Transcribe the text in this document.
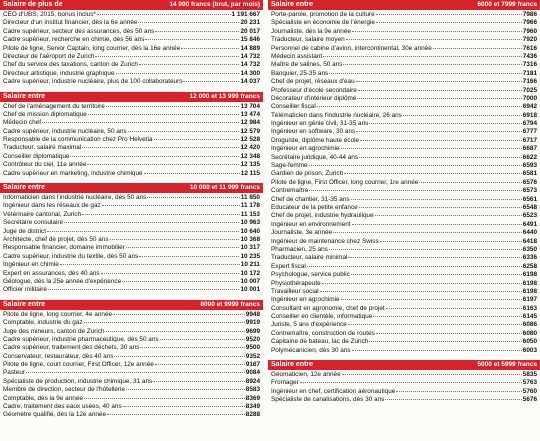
Salaire de plus de	14 000 francs (brut, par mois)
CEO d'UBS, 2015, bonus inclus*	1 191 667
Directeur d'un institut financier, dès la 6e année	20 231
Cadre supérieur, secteur des assurances, dès 50 ans	20 017
Cadre supérieur, recherche en chimie, dès 56 ans	15 846
Pilote de ligne, Senior Captain, long courrier, dès la 16e année	14 889
Directeur de l'aéroport de Zurich	14 732
Chef du service des taxations, canton de Zurich	14 732
Directeur artistique, industrie graphique	14 300
Cadre supérieur, industrie nucléaire, plus de 100 collaborateurs	14 037
Salaire entre	12 000 et 13 999 francs
Chef de l'aménagement du territoire	13 704
Chef de mission diplomatique	13 474
Médecin chef	12 984
Cadre supérieur, industrie nucléaire, 50 ans	12 579
Responsable de la communication chez Pro Helvetia	12 528
Traducteur, salaire maximal	12 420
Conseiller diplomatique	12 348
Contrôleur du ciel, 11e année	12 135
Cadre supérieur en marketing, industrie chimique	12 115
Salaire entre	10 000 et 11 999 francs
Informaticien dans l'industrie nucléaire, dès 50 ans	11 850
Ingénieur dans les réseaux de gaz	11 178
Vétérinaire cantonal, Zurich	11 153
Secrétaire consulaire	10 963
Juge de district	10 640
Architecte, chef de projet, dès 50 ans	10 368
Responsable financier, domaine immobilier	10 317
Cadre supérieur, industrie du textile, dès 50 ans	10 235
Ingénieur en chimie	10 211
Expert en assurances, dès 40 ans	10 172
Géologue, dès la 25e année d'expérience	10 007
Officier militaire	10 001
Salaire entre	8000 et 9999 francs
Pilote de ligne, long courrier, 4e année	9948
Comptable, industrie du gaz	9919
Juge des mineurs, canton de Zurich	9699
Cadre supérieur, industrie pharmaceutique, dès 50 ans	9520
Cadre supérieur, traitement des déchets, 30 ans	9500
Conservateur, restaurateur, dès 40 ans	9352
Pilote de ligne, court courrier, First Officer, 12e année	9167
Pasteur	9084
Spécialiste de production, industrie chimique, 31 ans	8924
Membre de direction, secteur de l'hôtellerie	8583
Comptable, dès la 9e année	8369
Cadre, traitement des eaux usées, 40 ans	8349
Géomètre qualifié, dès la 12e année	8288
Salaire entre	6000 et 7999 francs
Porte-parole, promotion de la culture	7986
Spécialiste en économie de l'énergie	7966
Journaliste, dès la 9e année	7960
Traducteur, salaire moyen	7920
Personnel de cabine d'avion, intercontinental, 30e année	7616
Médecin assistant	7436
Maître de salines, 50 ans	7316
Banquier, 25-35 ans	7181
Chef de projet, réseaux d'eau	7166
Professeur d'école secondaire	7025
Décorateur d'intérieur diplômé	7000
Conseiller fiscal	6942
Télématicien dans l'industrie nucléaire, 26 ans	6918
Ingénieur en génie civil, 31-35 ans	6794
Ingénieur en software, 30 ans	6777
Droguiste, diplôme haute école	6717
Ingénieur en agrochimie	6687
Secrétaire juridique, 40-44 ans	6622
Sage-femme	6593
Gardien de prison, Zurich	6581
Pilote de ligne, First Officer, long courrier, 1re année	6576
Contremaître	6573
Chef de chantier, 31-35 ans	6561
Éducateur de la petite enfance	6548
Chef de projet, industrie hydraulique	6523
Ingénieur en environnement	6491
Journaliste, 3e année	6440
Ingénieur de maintenance chez Swiss	6418
Pharmacien, 25 ans	6350
Traducteur, salaire minimal	6336
Expert fiscal	6258
Psychologue, service public	6198
Physiothérapeute	6198
Travailleur social	6198
Ingénieur en agrochimie	6197
Consultant en agronomie, chef de projet	6163
Conseiller en clientèle, informatique	6145
Juriste, 5 ans d'expérience	6086
Contremaître, construction de routes	6080
Capitaine de bateau, lac de Zurich	6050
Polymécanicien, dès 30 ans	6003
Salaire entre	5000 et 5999 francs
Géomaticien, 12e année	5835
Fromager	5763
Ingénieur en chef, certification aéronautique	5760
Spécialiste de canalisations, dès 30 ans	5676
